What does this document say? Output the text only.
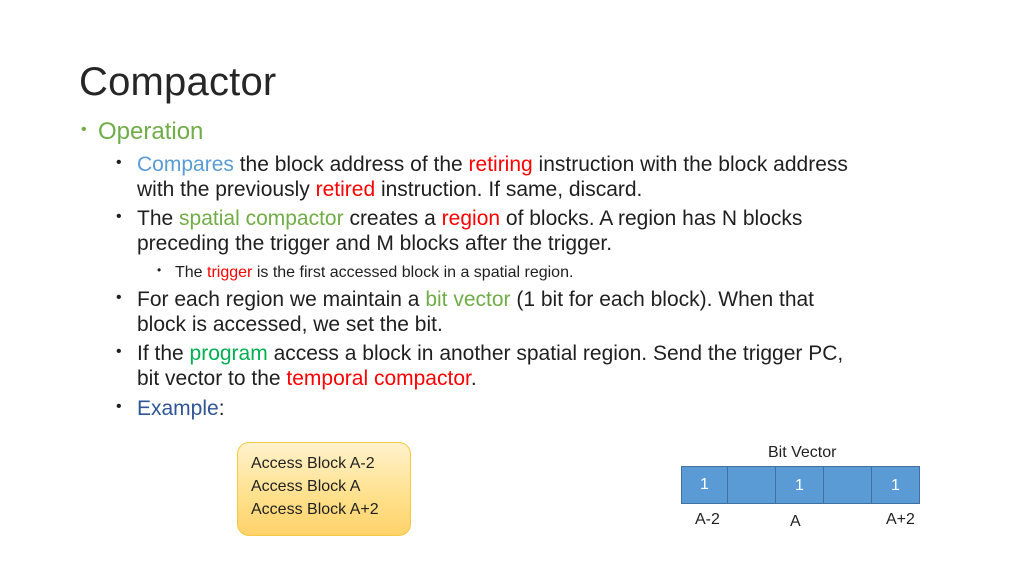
Compactor
• Operation
• Compares the block address of the retiring instruction with the block address
with the previously retired instruction. If same, discard.
• The spatial compactor creates a region of blocks. A region has N blocks
preceding the trigger and M blocks after the trigger.
• The trigger is the first accessed block in a spatial region.
• For each region we maintain a bit vector (1 bit for each block). When that
block is accessed, we set the bit.
• If the program access a block in another spatial region. Send the trigger PC,
bit vector to the temporal compactor.
• Example:
Access Block A-2
Access Block A
Access Block A+2
Bit Vector
1	1	1
A-2	A	A+2
